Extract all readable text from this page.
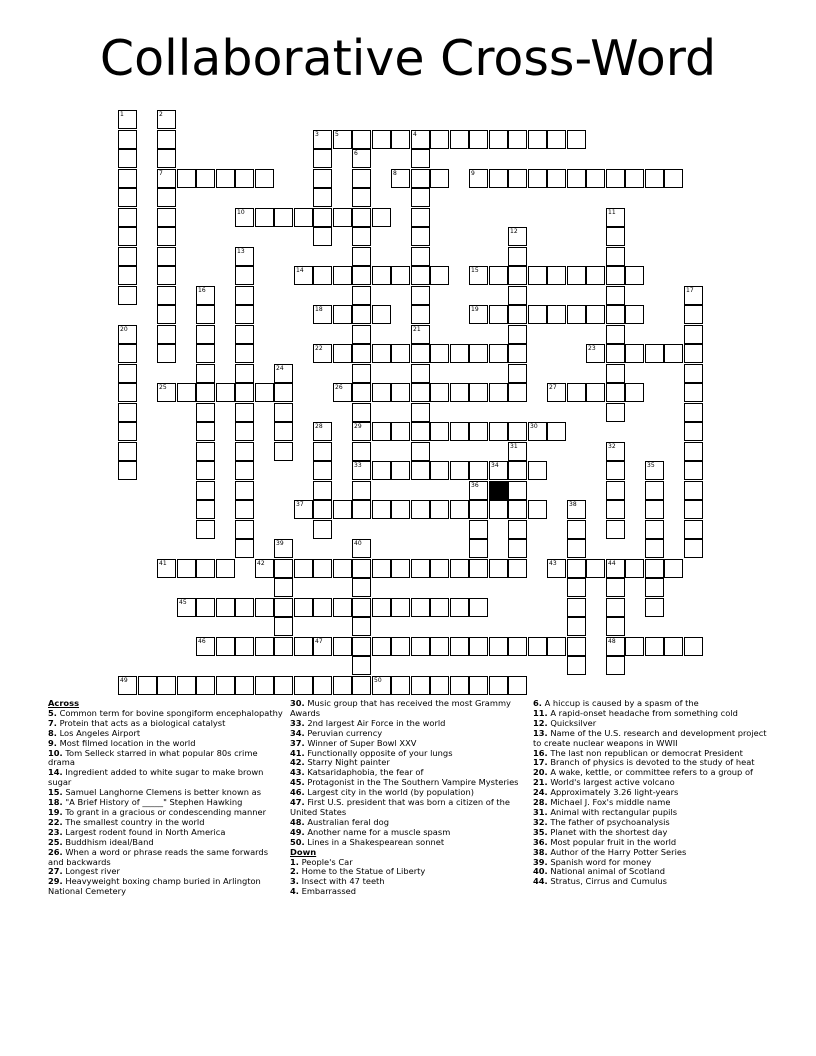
Collaborative Cross-Word
5	4
7	8	9
10
14	15
18	19
22	23
25	26	27
29	30
33	34
37
41	42	43	44
45
46	47	48
49	50
1	2
3
6
11
12
13
16	17
20	21
24
28
31	32
35
36
38
39	40

Across

5. Common term for bovine spongiform encephalopathy

7. Protein that acts as a biological catalyst

8. Los Angeles Airport

9. Most filmed location in the world

10. Tom Selleck starred in what popular 80s crime drama

14. Ingredient added to white sugar to make brown sugar

15. Samuel Langhorne Clemens is better known as

18. "A Brief History of _____" Stephen Hawking

19. To grant in a gracious or condescending manner

22. The smallest country in the world

23. Largest rodent found in North America

25. Buddhism ideal/Band

26. When a word or phrase reads the same forwards and backwards

27. Longest river

29. Heavyweight boxing champ buried in Arlington National Cemetery

30. Music group that has received the most Grammy Awards

33. 2nd largest Air Force in the world

34. Peruvian currency

37. Winner of Super Bowl XXV

41. Functionally opposite of your lungs

42. Starry Night painter

43. Katsaridaphobia, the fear of

45. Protagonist in the The Southern Vampire Mysteries

46. Largest city in the world (by population)

47. First U.S. president that was born a citizen of the United States

48. Australian feral dog

49. Another name for a muscle spasm

50. Lines in a Shakespearean sonnet

Down

1. People's Car

2. Home to the Statue of Liberty

3. Insect with 47 teeth

4. Embarrassed

6. A hiccup is caused by a spasm of the

11. A rapid-onset headache from something cold

12. Quicksilver

13. Name of the U.S. research and development project to create nuclear weapons in WWII

16. The last non republican or democrat President

17. Branch of physics is devoted to the study of heat

20. A wake, kettle, or committee refers to a group of

21. World's largest active volcano

24. Approximately 3.26 light-years

28. Michael J. Fox's middle name

31. Animal with rectangular pupils

32. The father of psychoanalysis

35. Planet with the shortest day

36. Most popular fruit in the world

38. Author of the Harry Potter Series

39. Spanish word for money

40. National animal of Scotland

44. Stratus, Cirrus and Cumulus
